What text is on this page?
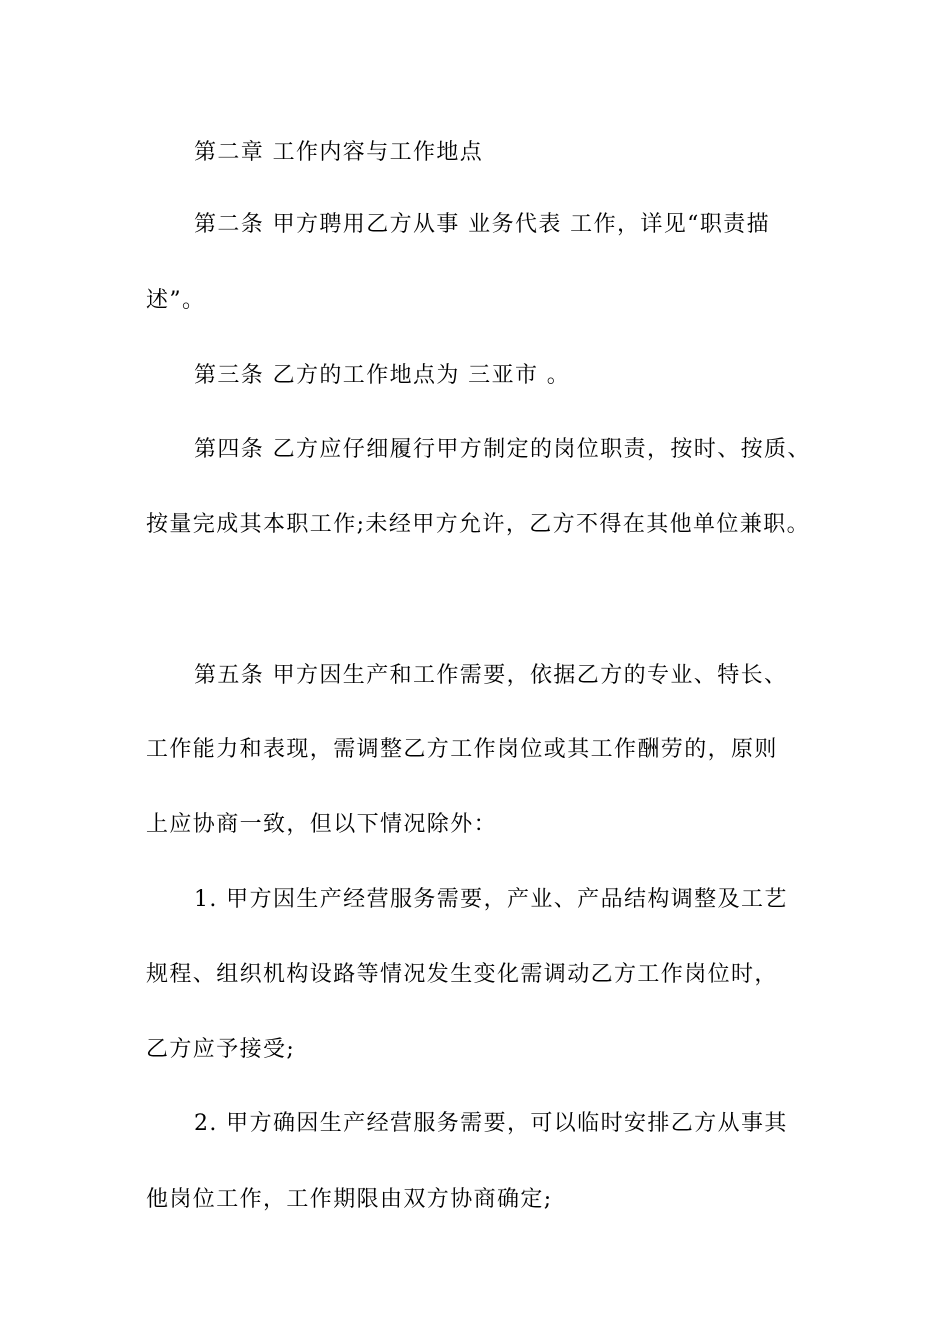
第二章 工作内容与工作地点
第二条 甲方聘用乙方从事 业务代表 工作，详见“职责描
述”。
第三条 乙方的工作地点为 三亚市 。
第四条 乙方应仔细履行甲方制定的岗位职责，按时、按质、
按量完成其本职工作;未经甲方允许，乙方不得在其他单位兼职。
第五条 甲方因生产和工作需要，依据乙方的专业、特长、
工作能力和表现，需调整乙方工作岗位或其工作酬劳的，原则
上应协商一致，但以下情况除外：
1. 甲方因生产经营服务需要，产业、产品结构调整及工艺
规程、组织机构设路等情况发生变化需调动乙方工作岗位时，
乙方应予接受;
2. 甲方确因生产经营服务需要，可以临时安排乙方从事其
他岗位工作，工作期限由双方协商确定;
